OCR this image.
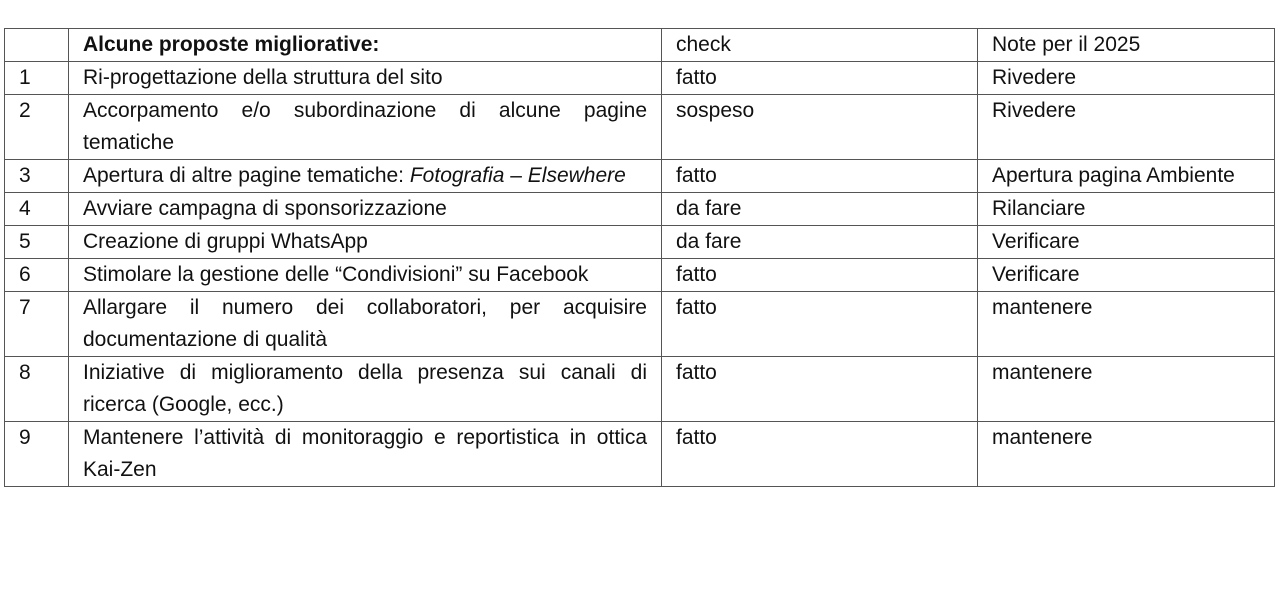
	Alcune proposte migliorative:	check	Note per il 2025
1	Ri-progettazione della struttura del sito	fatto	Rivedere
2	Accorpamento e/o subordinazione di alcune pagine tematiche	sospeso	Rivedere
3	Apertura di altre pagine tematiche: Fotografia – Elsewhere	fatto	Apertura pagina Ambiente
4	Avviare campagna di sponsorizzazione	da fare	Rilanciare
5	Creazione di gruppi WhatsApp	da fare	Verificare
6	Stimolare la gestione delle “Condivisioni” su Facebook	fatto	Verificare
7	Allargare il numero dei collaboratori, per acquisire documentazione di qualità	fatto	mantenere
8	Iniziative di miglioramento della presenza sui canali di ricerca (Google, ecc.)	fatto	mantenere
9	Mantenere l’attività di monitoraggio e reportistica in ottica Kai-Zen	fatto	mantenere
